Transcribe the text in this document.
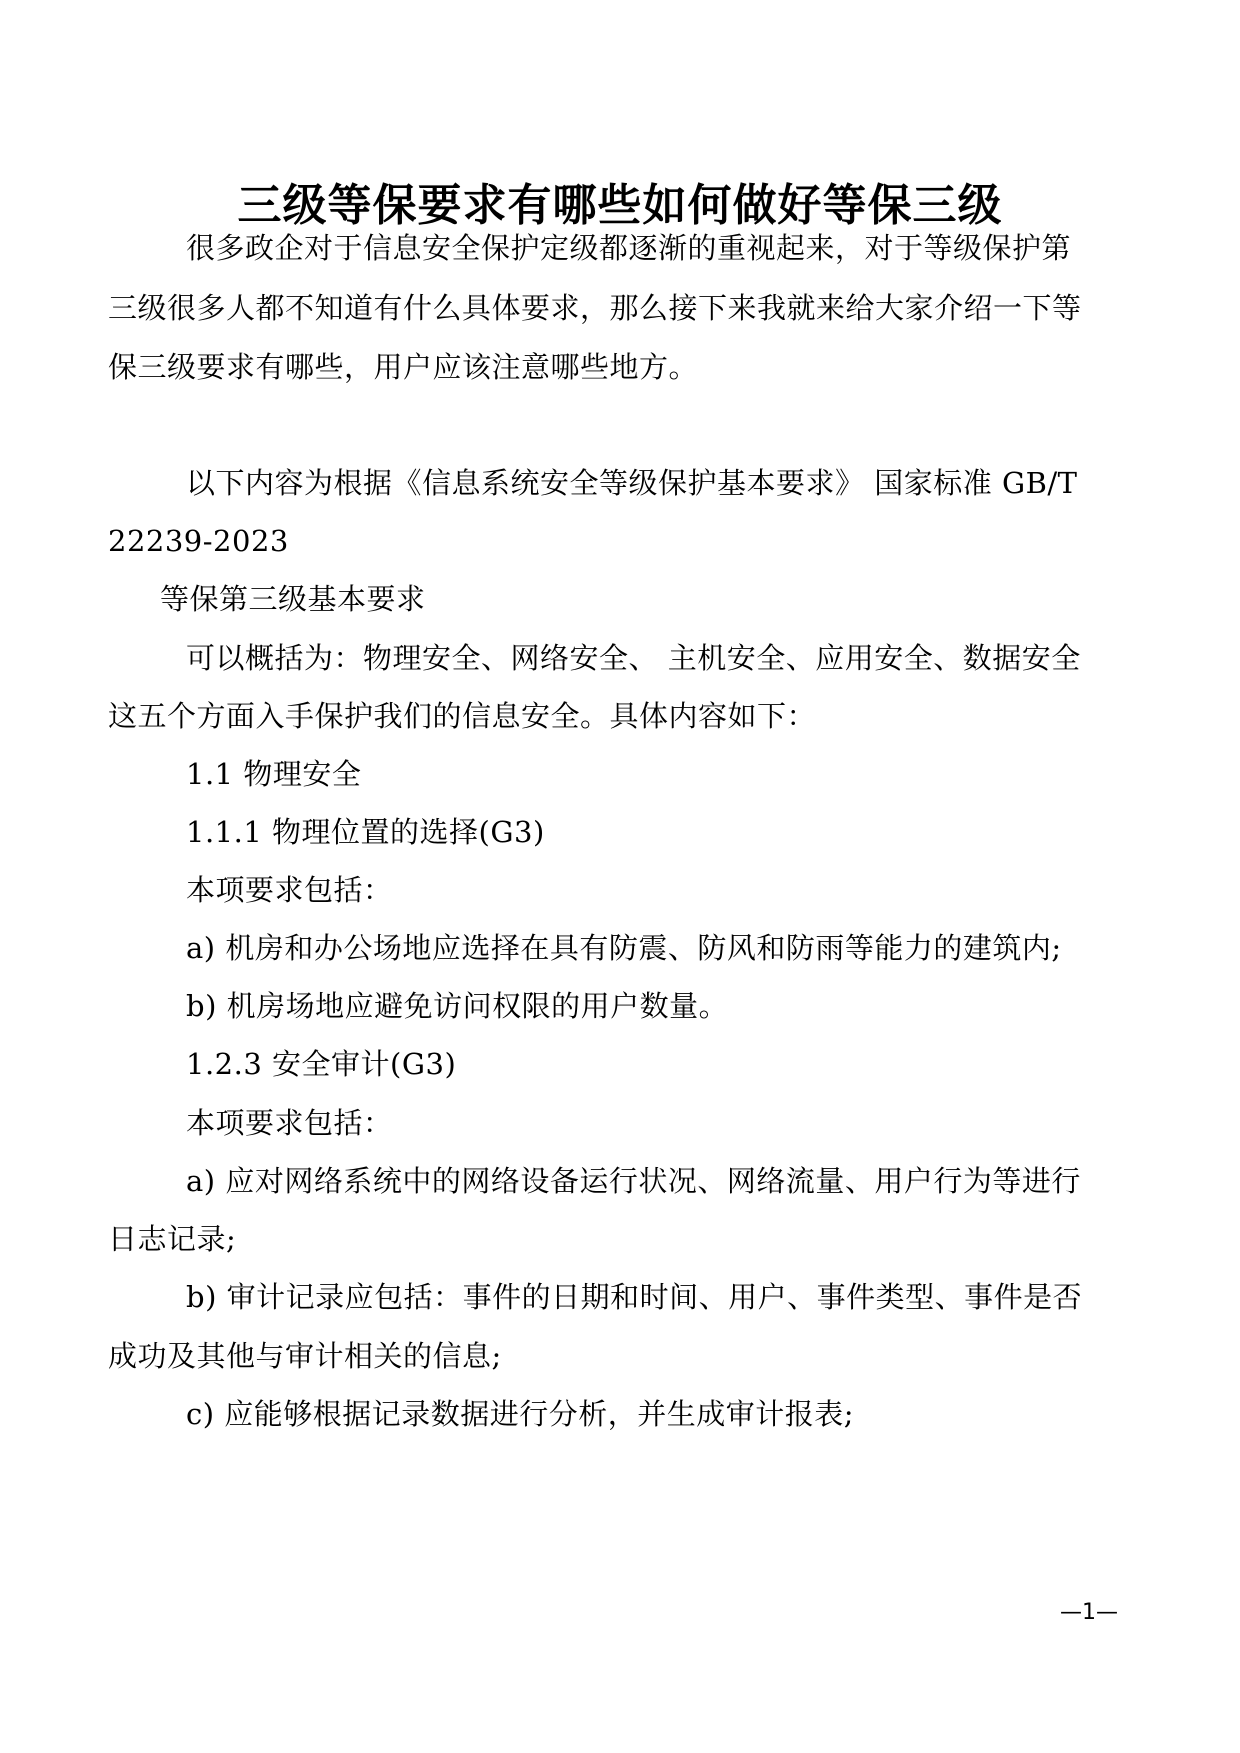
三级等保要求有哪些如何做好等保三级
很多政企对于信息安全保护定级都逐渐的重视起来，对于等级保护第
三级很多人都不知道有什么具体要求，那么接下来我就来给大家介绍一下等
保三级要求有哪些，用户应该注意哪些地方。
以下内容为根据《信息系统安全等级保护基本要求》 国家标准 GB/T
22239-2023
等保第三级基本要求
可以概括为：物理安全、网络安全、 主机安全、应用安全、数据安全
这五个方面入手保护我们的信息安全。具体内容如下：
1.1 物理安全
1.1.1 物理位置的选择(G3)
本项要求包括：
a) 机房和办公场地应选择在具有防震、防风和防雨等能力的建筑内;
b) 机房场地应避免访问权限的用户数量。
1.2.3 安全审计(G3)
本项要求包括：
a) 应对网络系统中的网络设备运行状况、网络流量、用户行为等进行
日志记录;
b) 审计记录应包括：事件的日期和时间、用户、事件类型、事件是否
成功及其他与审计相关的信息;
c) 应能够根据记录数据进行分析，并生成审计报表;
—1—
